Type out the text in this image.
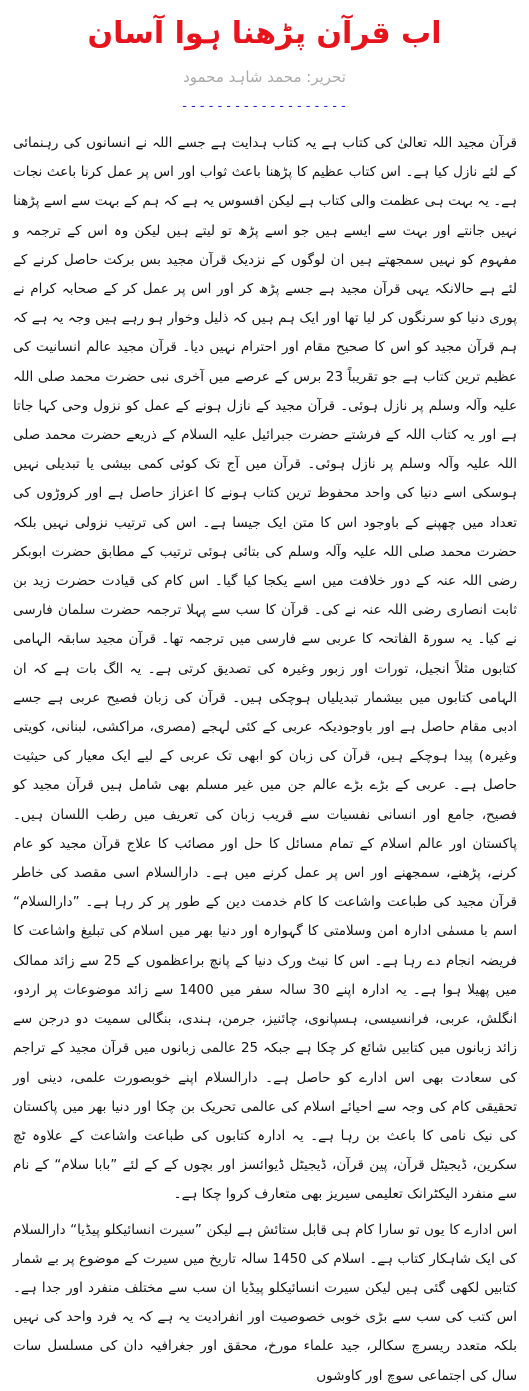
اب قرآن پڑھنا ہوا آسان
تحریر: محمد شاہد محمود
-------------------

قرآن مجید اللہ تعالیٰ کی کتاب ہے یہ کتاب ہدایت ہے جسے اللہ نے انسانوں کی رہنمائی کے لئے نازل کیا ہے۔ اس کتاب عظیم کا پڑھنا باعث ثواب اور اس پر عمل کرنا باعث نجات ہے۔ یہ بہت ہی عظمت والی کتاب ہے لیکن افسوس یہ ہے کہ ہم کے بہت سے اسے پڑھنا نہیں جانتے اور بہت سے ایسے ہیں جو اسے پڑھ تو لیتے ہیں لیکن وہ اس کے ترجمہ و مفہوم کو نہیں سمجھتے ہیں ان لوگوں کے نزدیک قرآن مجید بس برکت حاصل کرنے کے لئے ہے حالانکہ یہی قرآن مجید ہے جسے پڑھ کر اور اس پر عمل کر کے صحابہ کرام نے پوری دنیا کو سرنگوں کر لیا تھا اور ایک ہم ہیں کہ ذلیل وخوار ہو رہے ہیں وجہ یہ ہے کہ ہم قرآن مجید کو اس کا صحیح مقام اور احترام نہیں دیا۔ قرآن مجید عالم انسانیت کی عظیم ترین کتاب ہے جو تقریباً 23 برس کے عرصے میں آخری نبی حضرت محمد صلی اللہ علیہ وآلہ وسلم پر نازل ہوئی۔ قرآن مجید کے نازل ہونے کے عمل کو نزول وحی کہا جاتا ہے اور یہ کتاب اللہ کے فرشتے حضرت جبرائیل علیہ السلام کے ذریعے حضرت محمد صلی اللہ علیہ وآلہ وسلم پر نازل ہوئی۔ قرآن میں آج تک کوئی کمی بیشی یا تبدیلی نہیں ہوسکی اسے دنیا کی واحد محفوظ ترین کتاب ہونے کا اعزاز حاصل ہے اور کروڑوں کی تعداد میں چھپنے کے باوجود اس کا متن ایک جیسا ہے۔ اس کی ترتیب نزولی نہیں بلکہ حضرت محمد صلی اللہ علیہ وآلہ وسلم کی بتائی ہوئی ترتیب کے مطابق حضرت ابوبکر رضی اللہ عنہ کے دور خلافت میں اسے یکجا کیا گیا۔ اس کام کی قیادت حضرت زید بن ثابت انصاری رضی اللہ عنہ نے کی۔ قرآن کا سب سے پہلا ترجمہ حضرت سلمان فارسی نے کیا۔ یہ سورۃ الفاتحہ کا عربی سے فارسی میں ترجمہ تھا۔ قرآن مجید سابقہ الہامی کتابوں مثلاً انجیل، تورات اور زبور وغیرہ کی تصدیق کرتی ہے۔ یہ الگ بات ہے کہ ان الہامی کتابوں میں بیشمار تبدیلیاں ہوچکی ہیں۔ قرآن کی زبان فصیح عربی ہے جسے ادبی مقام حاصل ہے اور باوجودیکہ عربی کے کئی لہجے (مصری، مراکشی، لبنانی، کویتی وغیرہ) پیدا ہوچکے ہیں، قرآن کی زبان کو ابھی تک عربی کے لیے ایک معیار کی حیثیت حاصل ہے۔ عربی کے بڑے بڑے عالم جن میں غیر مسلم بھی شامل ہیں قرآن مجید کو فصیح، جامع اور انسانی نفسیات سے قریب زبان کی تعریف میں رطب اللسان ہیں۔ پاکستان اور عالم اسلام کے تمام مسائل کا حل اور مصائب کا علاج قرآن مجید کو عام کرنے، پڑھنے، سمجھنے اور اس پر عمل کرنے میں ہے۔ دارالسلام اسی مقصد کی خاطر قرآن مجید کی طباعت واشاعت کا کام خدمت دین کے طور پر کر رہا ہے۔ ”دارالسلام“ اسم با مسمٰی ادارہ امن وسلامتی کا گہوارہ اور دنیا بھر میں اسلام کی تبلیغ واشاعت کا فریضہ انجام دے رہا ہے۔ اس کا نیٹ ورک دنیا کے پانچ براعظموں کے 25 سے زائد ممالک میں پھیلا ہوا ہے۔ یہ ادارہ اپنے 30 سالہ سفر میں 1400 سے زائد موضوعات پر اردو، انگلش، عربی، فرانسیسی، ہسپانوی، چائنیز، جرمن، ہندی، بنگالی سمیت دو درجن سے زائد زبانوں میں کتابیں شائع کر چکا ہے جبکہ 25 عالمی زبانوں میں قرآن مجید کے تراجم کی سعادت بھی اس ادارے کو حاصل ہے۔ دارالسلام اپنے خوبصورت علمی، دینی اور تحقیقی کام کی وجہ سے احیائے اسلام کی عالمی تحریک بن چکا اور دنیا بھر میں پاکستان کی نیک نامی کا باعث بن رہا ہے۔ یہ ادارہ کتابوں کی طباعت واشاعت کے علاوہ ٹچ سکرین، ڈیجیٹل قرآن، پین قرآن، ڈیجیٹل ڈیوائسز اور بچوں کے کے لئے ”بابا سلام“ کے نام سے منفرد الیکٹرانک تعلیمی سیریز بھی متعارف کروا چکا ہے۔

اس ادارے کا یوں تو سارا کام ہی قابل ستائش ہے لیکن ”سیرت انسائیکلو پیڈیا“ دارالسلام کی ایک شاہکار کتاب ہے۔ اسلام کی 1450 سالہ تاریخ میں سیرت کے موضوع پر بے شمار کتابیں لکھی گئی ہیں لیکن سیرت انسائیکلو پیڈیا ان سب سے مختلف منفرد اور جدا ہے۔ اس کتب کی سب سے بڑی خوبی خصوصیت اور انفرادیت یہ ہے کہ یہ فرد واحد کی نہیں بلکہ متعدد ریسرچ سکالر، جید علماء مورخ، محقق اور جغرافیہ دان کی مسلسل سات سال کی اجتماعی سوچ اور کاوشوں
